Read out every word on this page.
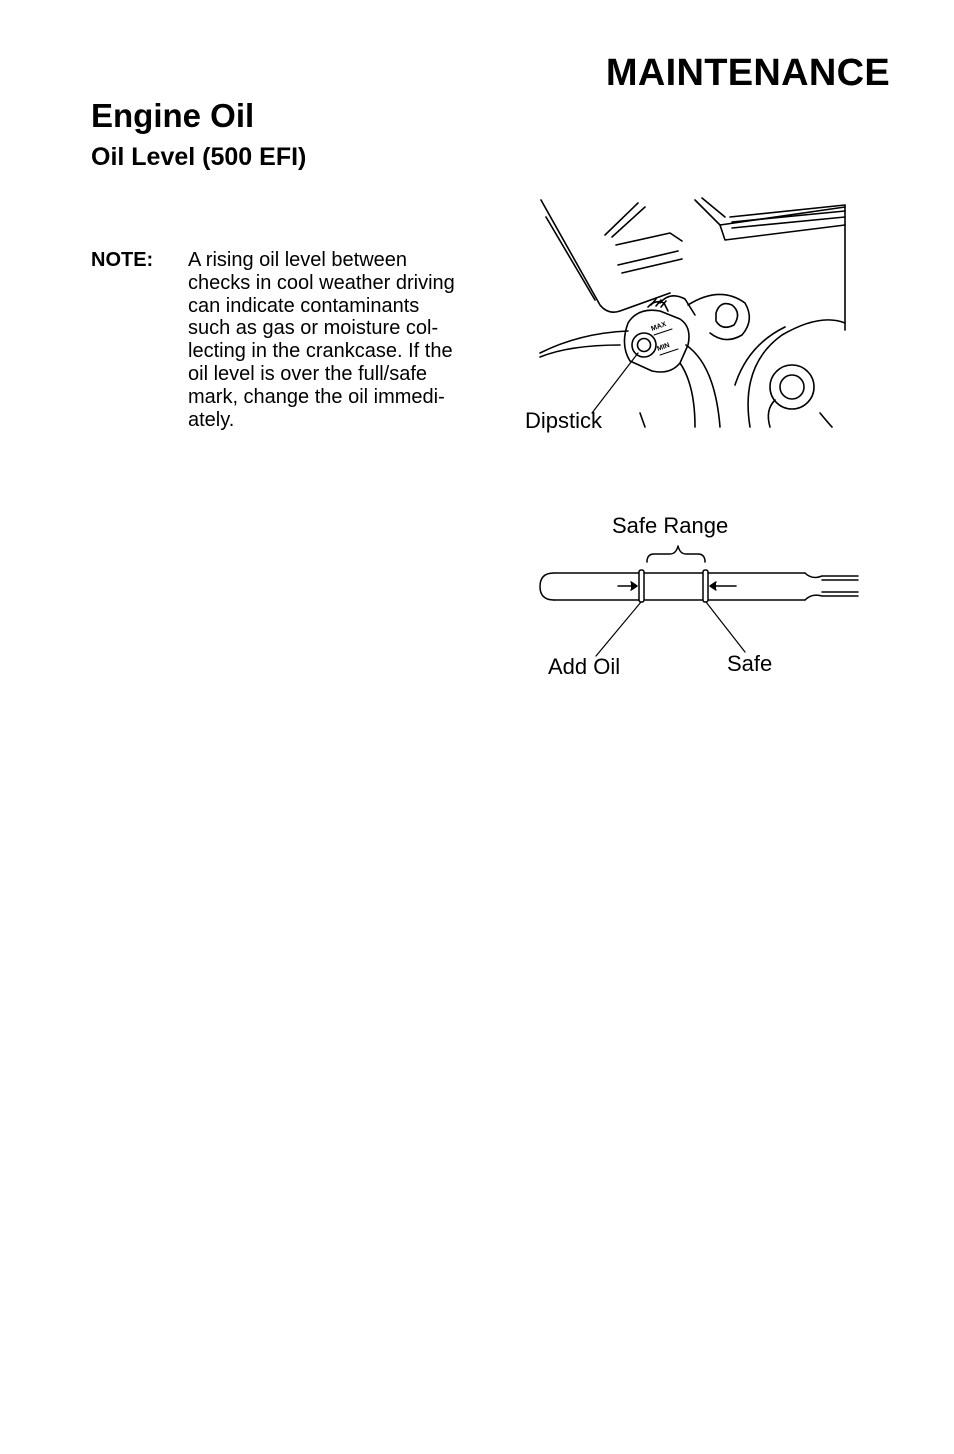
MAINTENANCE
Engine Oil
Oil Level (500 EFI)
NOTE: A rising oil level between
checks in cool weather driving
can indicate contaminants
such as gas or moisture col-
lecting in the crankcase. If the
oil level is over the full/safe
mark, change the oil immedi-
ately.

MAX
MIN
Dipstick
Safe Range
Add Oil	Safe
